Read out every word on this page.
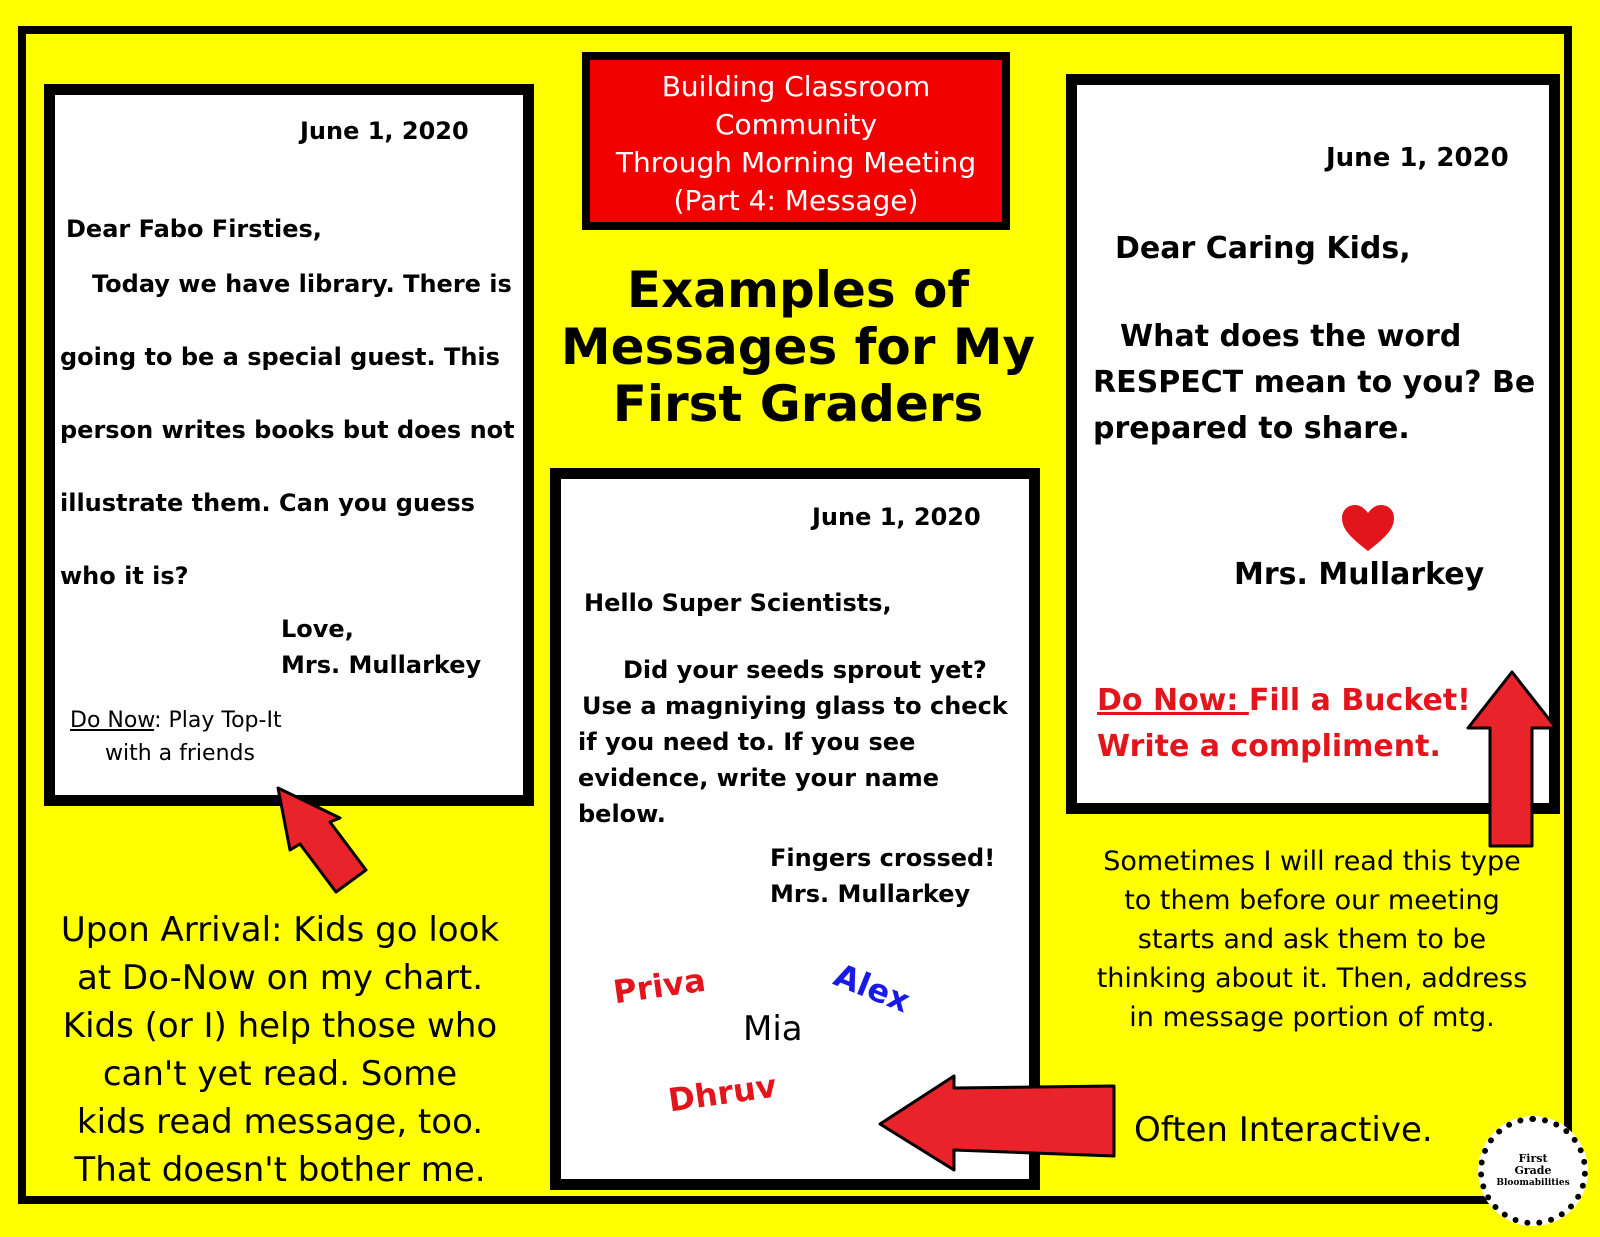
Building Classroom
Community
Through Morning Meeting
(Part 4: Message)
Examples of
Messages for My
First Graders
June 1, 2020
Dear Fabo Firsties,
Today we have library. There is
going to be a special guest. This
person writes books but does not
illustrate them. Can you guess
who it is?
Love,
Mrs. Mullarkey
Do Now: Play Top-It
with a friends
June 1, 2020
Hello Super Scientists,
Did your seeds sprout yet?
Use a magniying glass to check
if you need to. If you see
evidence, write your name
below.
Fingers crossed!
Mrs. Mullarkey
Priva	Alex
Mia
Dhruv
June 1, 2020
Dear Caring Kids,
What does the word
RESPECT mean to you? Be
prepared to share.
Mrs. Mullarkey
Do Now: Fill a Bucket!
Write a compliment.
Upon Arrival: Kids go look
at Do-Now on my chart.
Kids (or I) help those who
can't yet read. Some
kids read message, too.
That doesn't bother me.
Sometimes I will read this type
to them before our meeting
starts and ask them to be
thinking about it. Then, address
in message portion of mtg.
Often Interactive.
First
Grade
Bloomabilities
